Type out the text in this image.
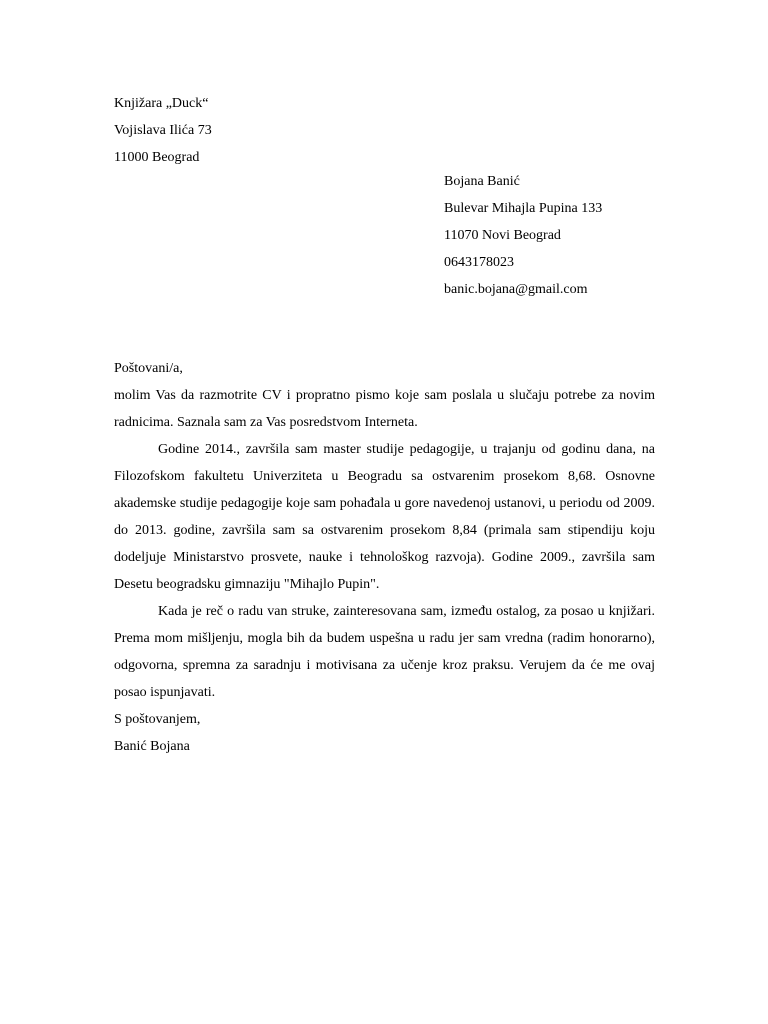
Knjižara „Duck“
Vojislava Ilića 73
11000 Beograd
Bojana Banić
Bulevar Mihajla Pupina 133
11070 Novi Beograd
0643178023
banic.bojana@gmail.com
Poštovani/a,
molim Vas da razmotrite CV i propratno pismo koje sam poslala u slučaju potrebe za novim radnicima. Saznala sam za Vas posredstvom Interneta.
Godine 2014., završila sam master studije pedagogije, u trajanju od godinu dana, na Filozofskom fakultetu Univerziteta u Beogradu sa ostvarenim prosekom 8,68. Osnovne akademske studije pedagogije koje sam pohađala u gore navedenoj ustanovi, u periodu od 2009. do 2013. godine, završila sam sa ostvarenim prosekom 8,84 (primala sam stipendiju koju dodeljuje Ministarstvo prosvete, nauke i tehnološkog razvoja). Godine 2009., završila sam Desetu beogradsku gimnaziju "Mihajlo Pupin".
Kada je reč o radu van struke, zainteresovana sam, između ostalog, za posao u knjižari. Prema mom mišljenju, mogla bih da budem uspešna u radu jer sam vredna (radim honorarno), odgovorna, spremna za saradnju i motivisana za učenje kroz praksu. Verujem da će me ovaj posao ispunjavati.
S poštovanjem,
Banić Bojana
